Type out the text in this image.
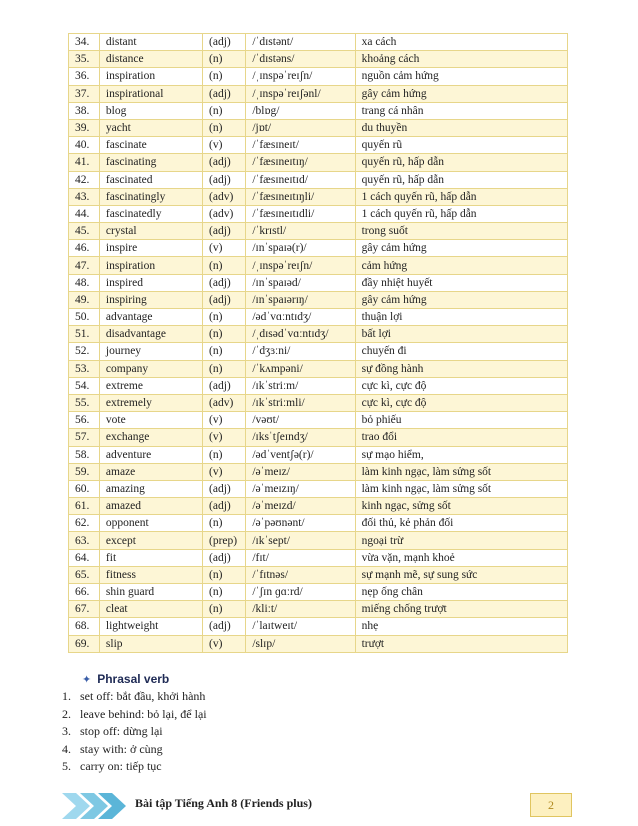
34.	distant	(adj)	/ˈdɪstənt/	xa cách
35.	distance	(n)	/ˈdɪstəns/	khoảng cách
36.	inspiration	(n)	/ˌɪnspəˈreɪʃn/	nguồn cảm hứng
37.	inspirational	(adj)	/ˌɪnspəˈreɪʃənl/	gây cảm hứng
38.	blog	(n)	/blɒg/	trang cá nhân
39.	yacht	(n)	/jɒt/	du thuyền
40.	fascinate	(v)	/ˈfæsɪneɪt/	quyến rũ
41.	fascinating	(adj)	/ˈfæsɪneɪtɪŋ/	quyến rũ, hấp dẫn
42.	fascinated	(adj)	/ˈfæsɪneɪtɪd/	quyến rũ, hấp dẫn
43.	fascinatingly	(adv)	/ˈfæsɪneɪtɪŋli/	1 cách quyến rũ, hấp dẫn
44.	fascinatedly	(adv)	/ˈfæsɪneɪtɪdli/	1 cách quyến rũ, hấp dẫn
45.	crystal	(adj)	/ˈkrɪstl/	trong suốt
46.	inspire	(v)	/ɪnˈspaɪə(r)/	gây cảm hứng
47.	inspiration	(n)	/ˌɪnspəˈreɪʃn/	cảm hứng
48.	inspired	(adj)	/ɪnˈspaɪəd/	đầy nhiệt huyết
49.	inspiring	(adj)	/ɪnˈspaɪərɪŋ/	gây cảm hứng
50.	advantage	(n)	/ədˈvɑːntɪdʒ/	thuận lợi
51.	disadvantage	(n)	/ˌdɪsədˈvɑːntɪdʒ/	bất lợi
52.	journey	(n)	/ˈdʒɜːni/	chuyến đi
53.	company	(n)	/ˈkʌmpəni/	sự đồng hành
54.	extreme	(adj)	/ɪkˈstriːm/	cực kì, cực độ
55.	extremely	(adv)	/ɪkˈstriːmli/	cực kì, cực độ
56.	vote	(v)	/vəʊt/	bỏ phiếu
57.	exchange	(v)	/ɪksˈtʃeɪndʒ/	trao đổi
58.	adventure	(n)	/ədˈventʃə(r)/	sự mạo hiểm,
59.	amaze	(v)	/əˈmeɪz/	làm kinh ngạc, làm sửng sốt
60.	amazing	(adj)	/əˈmeɪzɪŋ/	làm kinh ngạc, làm sửng sốt
61.	amazed	(adj)	/əˈmeɪzd/	kinh ngạc, sửng sốt
62.	opponent	(n)	/əˈpəʊnənt/	đối thủ, kẻ phản đối
63.	except	(prep)	/ɪkˈsept/	ngoại trừ
64.	fit	(adj)	/fɪt/	vừa vặn, mạnh khoẻ
65.	fitness	(n)	/ˈfɪtnəs/	sự mạnh mẽ, sự sung sức
66.	shin guard	(n)	/ˈʃɪn ɡɑːrd/	nẹp ống chân
67.	cleat	(n)	/kliːt/	miếng chống trượt
68.	lightweight	(adj)	/ˈlaɪtweɪt/	nhẹ
69.	slip	(v)	/slɪp/	trượt
✦ Phrasal verb
1. set off: bắt đầu, khởi hành
2. leave behind: bỏ lại, để lại
3. stop off: dừng lại
4. stay with: ở cùng
5. carry on: tiếp tục
Bài tập Tiếng Anh 8 (Friends plus)	2
